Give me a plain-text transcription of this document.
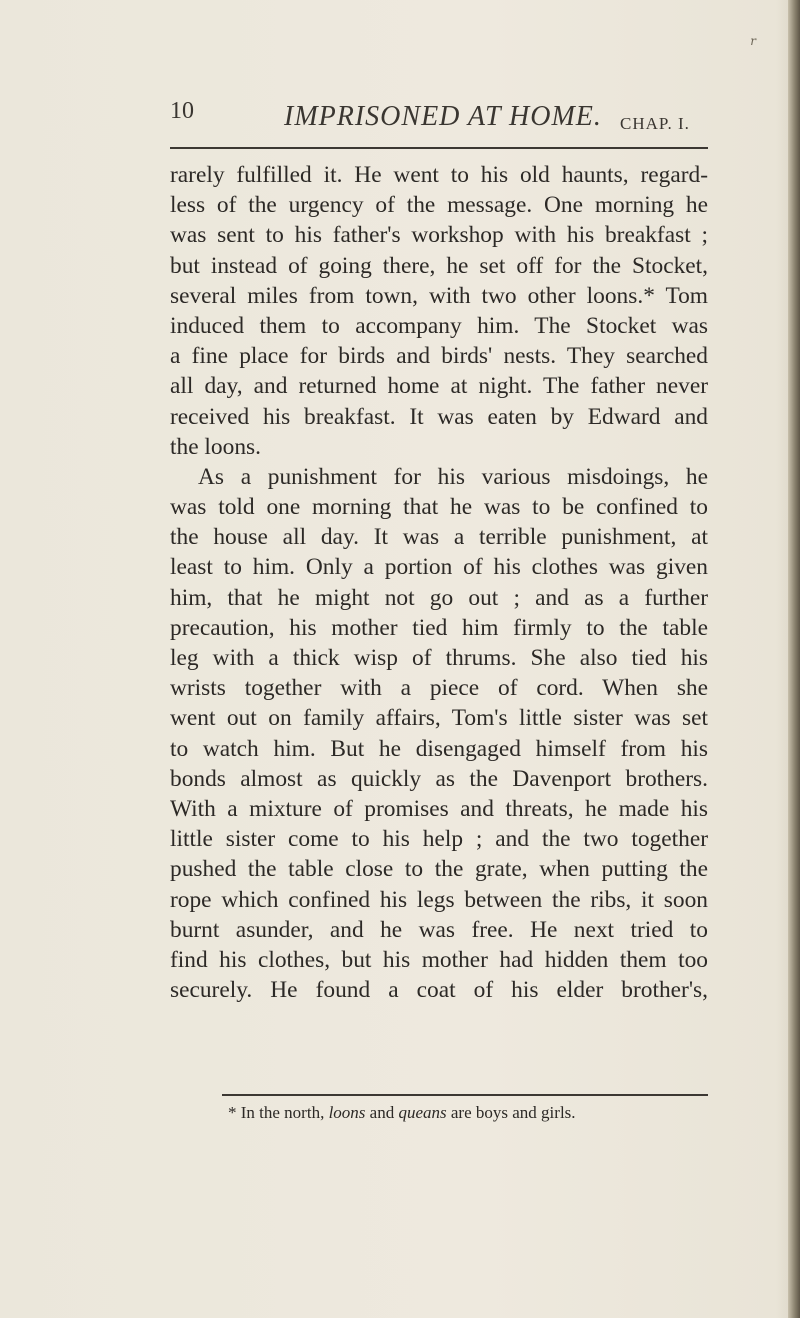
r
10	IMPRISONED AT HOME. CHAP. I.
rarely fulfilled it. He went to his old haunts, regard-
less of the urgency of the message. One morning he
was sent to his father's workshop with his breakfast ;
but instead of going there, he set off for the Stocket,
several miles from town, with two other loons.* Tom
induced them to accompany him. The Stocket was
a fine place for birds and birds' nests. They searched
all day, and returned home at night. The father never
received his breakfast. It was eaten by Edward and
the loons.
As a punishment for his various misdoings, he
was told one morning that he was to be confined to
the house all day. It was a terrible punishment, at
least to him. Only a portion of his clothes was given
him, that he might not go out ; and as a further
precaution, his mother tied him firmly to the table
leg with a thick wisp of thrums. She also tied his
wrists together with a piece of cord. When she
went out on family affairs, Tom's little sister was set
to watch him. But he disengaged himself from his
bonds almost as quickly as the Davenport brothers.
With a mixture of promises and threats, he made his
little sister come to his help ; and the two together
pushed the table close to the grate, when putting the
rope which confined his legs between the ribs, it soon
burnt asunder, and he was free. He next tried to
find his clothes, but his mother had hidden them too
securely. He found a coat of his elder brother's,
* In the north, loons and queans are boys and girls.
